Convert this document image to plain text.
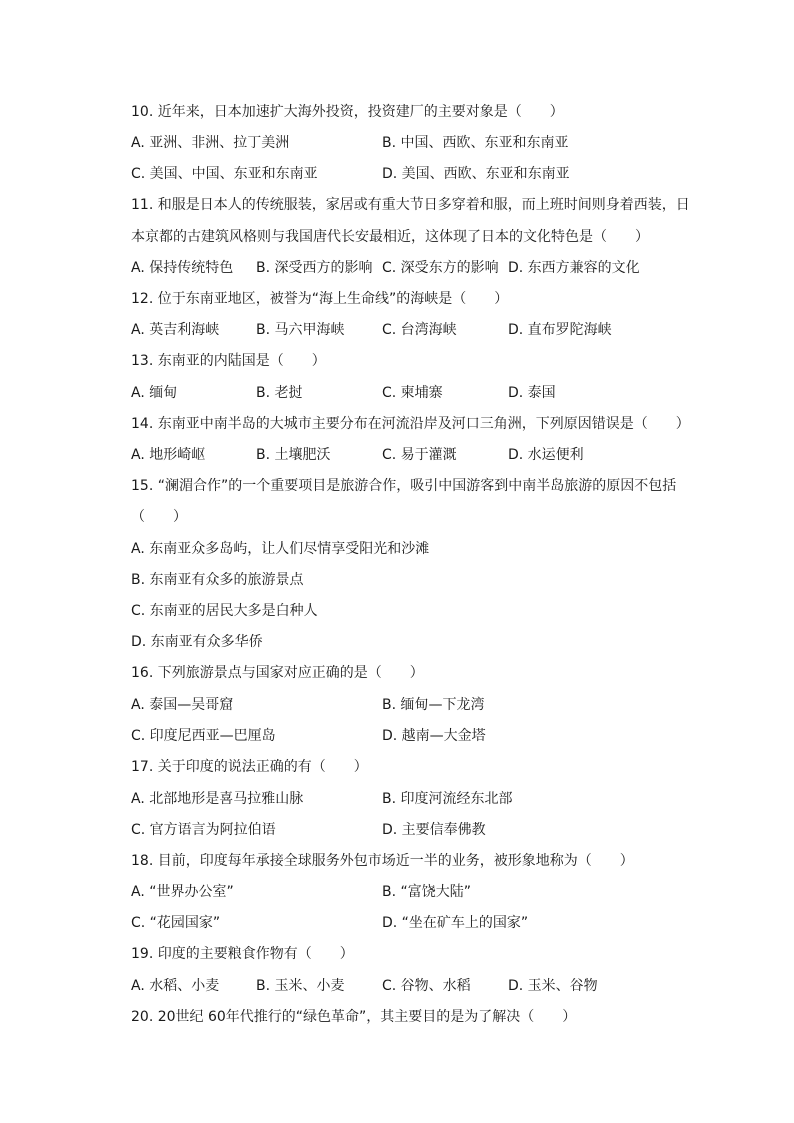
10. 近年来，日本加速扩大海外投资，投资建厂的主要对象是（　　）
A. 亚洲、非洲、拉丁美洲	B. 中国、西欧、东亚和东南亚
C. 美国、中国、东亚和东南亚	D. 美国、西欧、东亚和东南亚
11. 和服是日本人的传统服装，家居或有重大节日多穿着和服，而上班时间则身着西装，日
本京都的古建筑风格则与我国唐代长安最相近，这体现了日本的文化特色是（　　）
A. 保持传统特色 B. 深受西方的影响 C. 深受东方的影响 D. 东西方兼容的文化
12. 位于东南亚地区，被誉为“海上生命线”的海峡是（　　）
A. 英吉利海峡	B. 马六甲海峡	C. 台湾海峡	D. 直布罗陀海峡
13. 东南亚的内陆国是（　　）
A. 缅甸	B. 老挝	C. 柬埔寨	D. 泰国
14. 东南亚中南半岛的大城市主要分布在河流沿岸及河口三角洲，下列原因错误是（　　）
A. 地形崎岖	B. 土壤肥沃	C. 易于灌溉	D. 水运便利
15. “澜湄合作”的一个重要项目是旅游合作，吸引中国游客到中南半岛旅游的原因不包括
（　　）
A. 东南亚众多岛屿，让人们尽情享受阳光和沙滩
B. 东南亚有众多的旅游景点
C. 东南亚的居民大多是白种人
D. 东南亚有众多华侨
16. 下列旅游景点与国家对应正确的是（　　）
A. 泰国—吴哥窟	B. 缅甸—下龙湾
C. 印度尼西亚—巴厘岛	D. 越南—大金塔
17. 关于印度的说法正确的有（　　）
A. 北部地形是喜马拉雅山脉	B. 印度河流经东北部
C. 官方语言为阿拉伯语	D. 主要信奉佛教
18. 目前，印度每年承接全球服务外包市场近一半的业务，被形象地称为（　　）
A. “世界办公室”	B. “富饶大陆”
C. “花园国家”	D. “坐在矿车上的国家”
19. 印度的主要粮食作物有（　　）
A. 水稻、小麦	B. 玉米、小麦	C. 谷物、水稻	D. 玉米、谷物
20. 20世纪 60年代推行的“绿色革命”，其主要目的是为了解决（　　）
